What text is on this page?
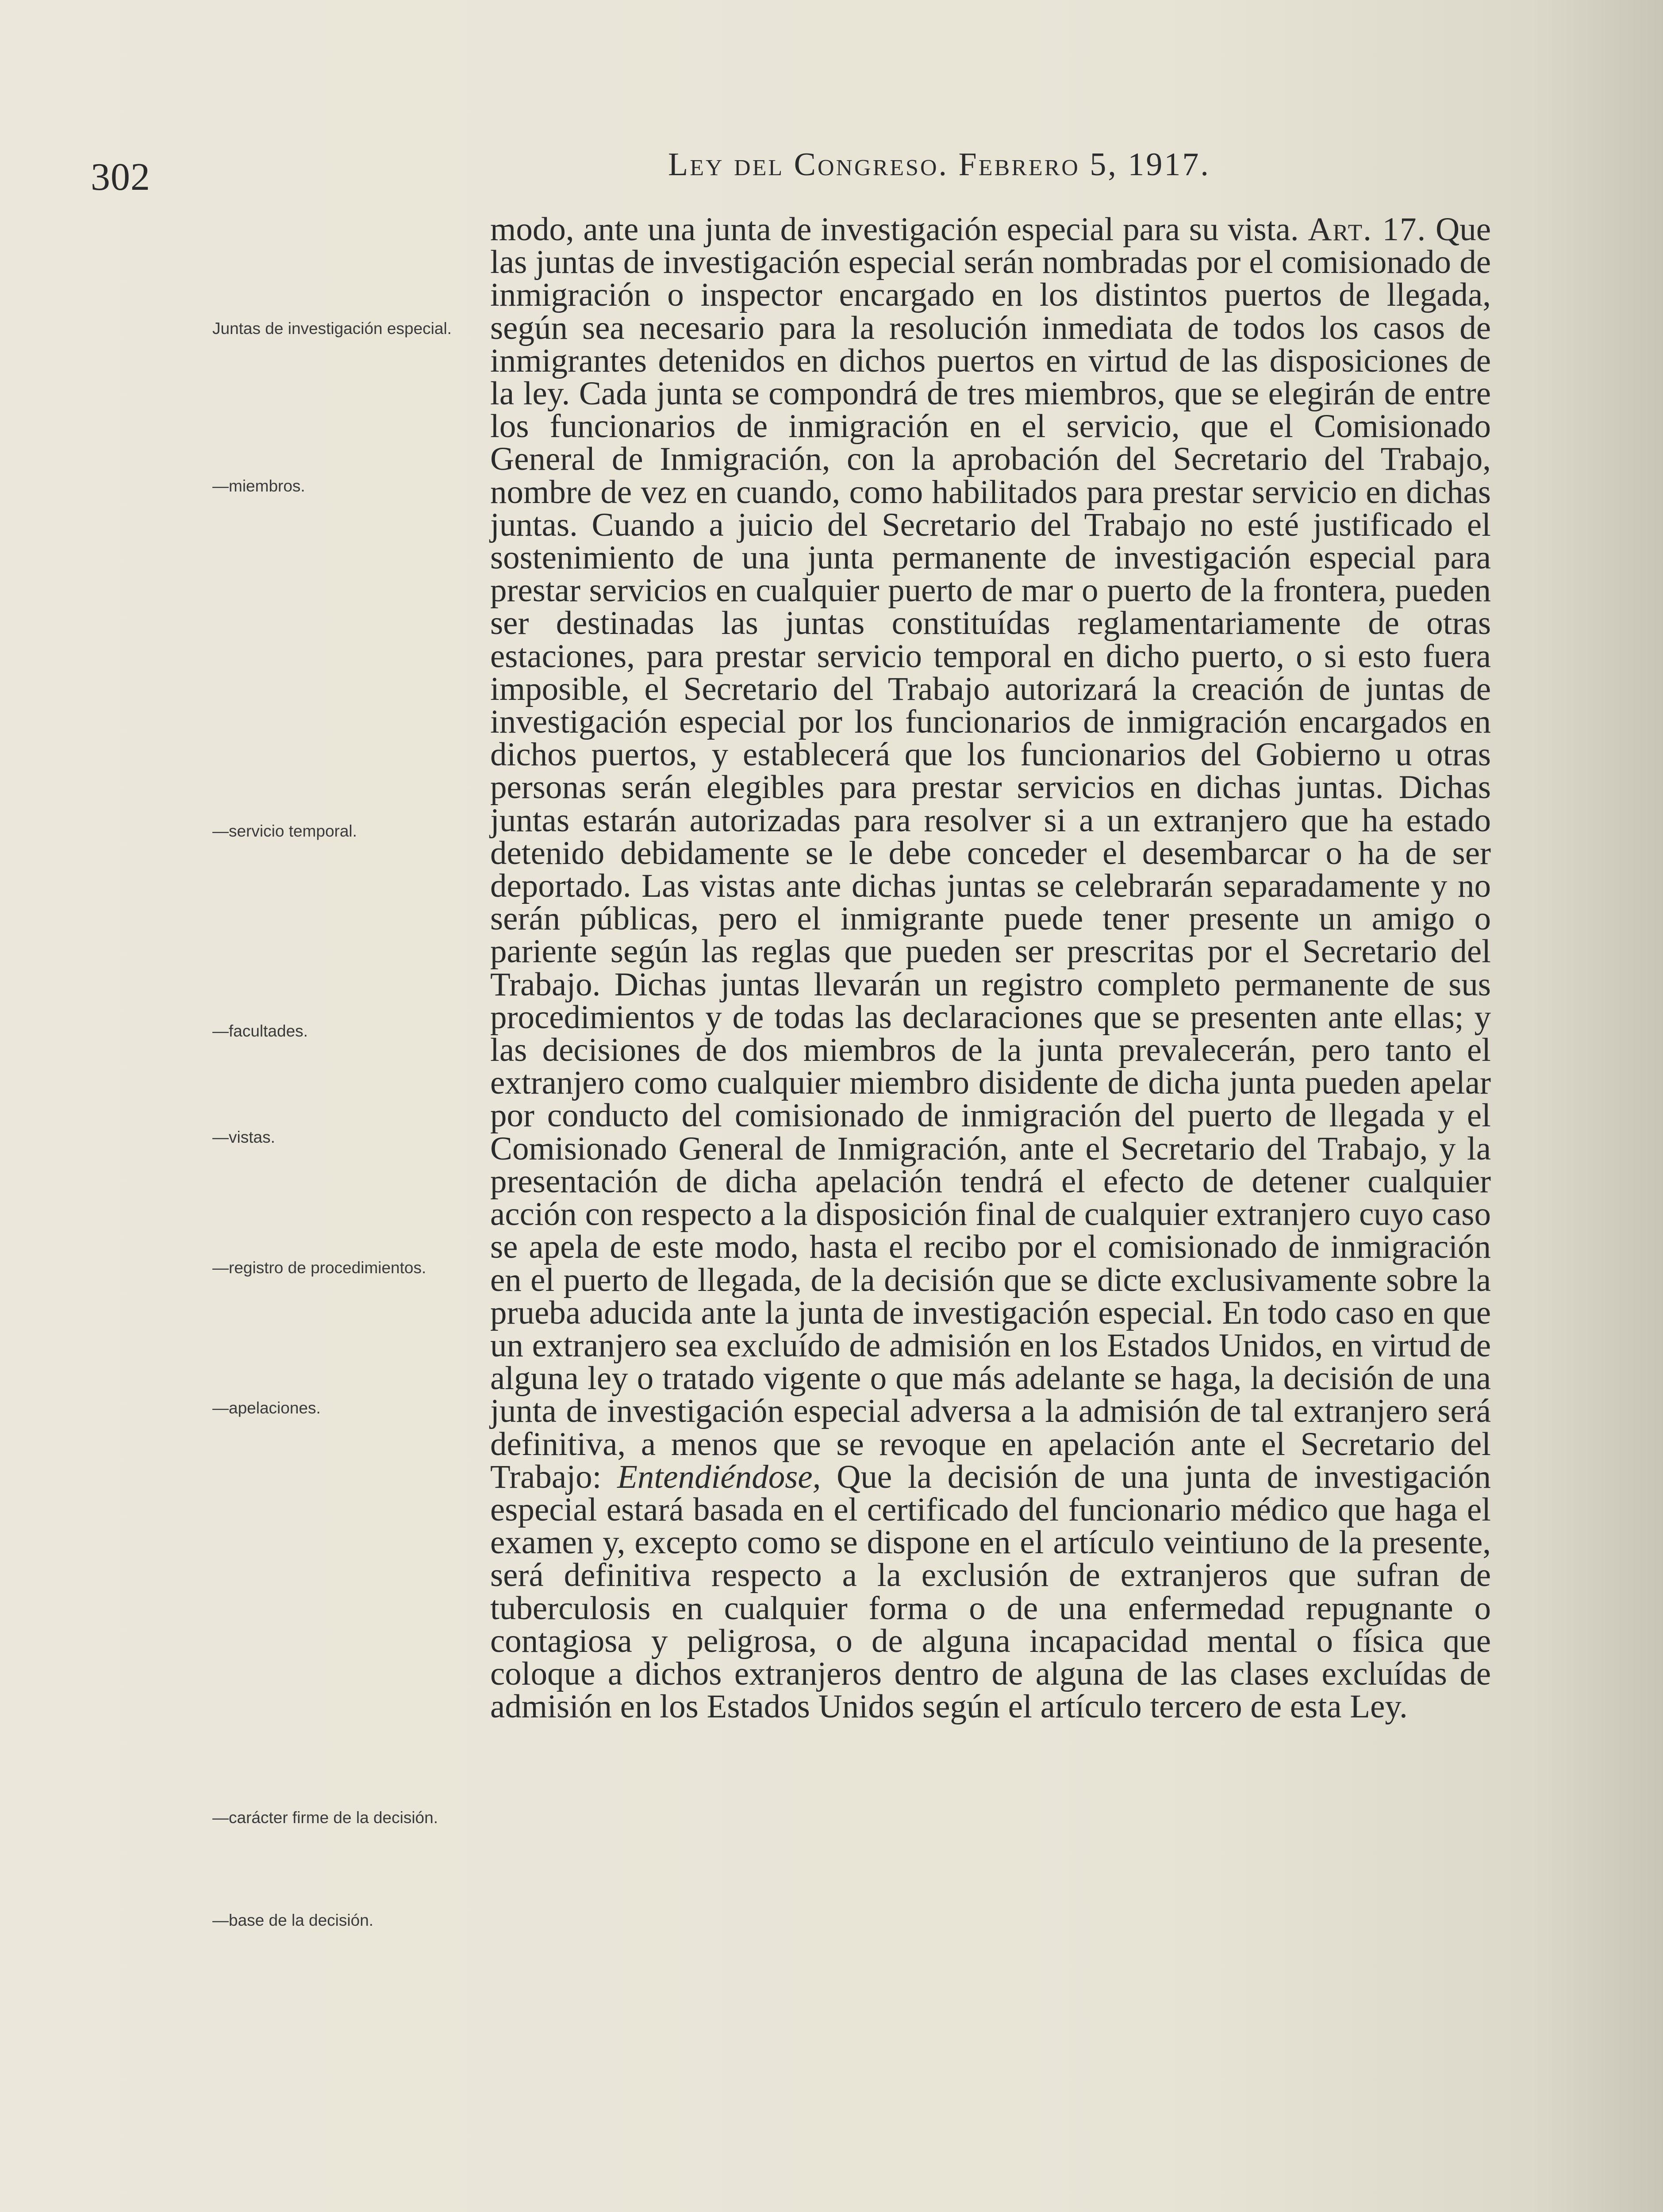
302	Ley del Congreso. Febrero 5, 1917.
Juntas de investigación especial.
—miembros.
—servicio temporal.
—facultades.
—vistas.
—registro de procedimientos.
—apelaciones.
—carácter firme de la decisión.
—base de la decisión.
modo, ante una junta de investigación especial para su vista. Art. 17. Que las juntas de investigación especial serán nombradas por el comisionado de inmigración o inspector encargado en los distintos puertos de llegada, según sea necesario para la resolución inmediata de todos los casos de inmigrantes detenidos en dichos puertos en virtud de las disposiciones de la ley. Cada junta se compondrá de tres miembros, que se elegirán de entre los funcionarios de inmigración en el servicio, que el Comisionado General de Inmigración, con la aprobación del Secretario del Trabajo, nombre de vez en cuando, como habilitados para prestar servicio en dichas juntas. Cuando a juicio del Secretario del Trabajo no esté justificado el sostenimiento de una junta permanente de investigación especial para prestar servicios en cualquier puerto de mar o puerto de la frontera, pueden ser destinadas las juntas constituídas reglamentariamente de otras estaciones, para prestar servicio temporal en dicho puerto, o si esto fuera imposible, el Secretario del Trabajo autorizará la creación de juntas de investigación especial por los funcionarios de inmigración encargados en dichos puertos, y establecerá que los funcionarios del Gobierno u otras personas serán elegibles para prestar servicios en dichas juntas. Dichas juntas estarán autorizadas para resolver si a un extranjero que ha estado detenido debidamente se le debe conceder el desembarcar o ha de ser deportado. Las vistas ante dichas juntas se celebrarán separadamente y no serán públicas, pero el inmigrante puede tener presente un amigo o pariente según las reglas que pueden ser prescritas por el Secretario del Trabajo. Dichas juntas llevarán un registro completo permanente de sus procedimientos y de todas las declaraciones que se presenten ante ellas; y las decisiones de dos miembros de la junta prevalecerán, pero tanto el extranjero como cualquier miembro disidente de dicha junta pueden apelar por conducto del comisionado de inmigración del puerto de llegada y el Comisionado General de Inmigración, ante el Secretario del Trabajo, y la presentación de dicha apelación tendrá el efecto de detener cualquier acción con respecto a la disposición final de cualquier extranjero cuyo caso se apela de este modo, hasta el recibo por el comisionado de inmigración en el puerto de llegada, de la decisión que se dicte exclusivamente sobre la prueba aducida ante la junta de investigación especial. En todo caso en que un extranjero sea excluído de admisión en los Estados Unidos, en virtud de alguna ley o tratado vigente o que más adelante se haga, la decisión de una junta de investigación especial adversa a la admisión de tal extranjero será definitiva, a menos que se revoque en apelación ante el Secretario del Trabajo: Entendiéndose, Que la decisión de una junta de investigación especial estará basada en el certificado del funcionario médico que haga el examen y, excepto como se dispone en el artículo veintiuno de la presente, será definitiva respecto a la exclusión de extranjeros que sufran de tuberculosis en cualquier forma o de una enfermedad repugnante o contagiosa y peligrosa, o de alguna incapacidad mental o física que coloque a dichos extranjeros dentro de alguna de las clases excluídas de admisión en los Estados Unidos según el artículo tercero de esta Ley.
